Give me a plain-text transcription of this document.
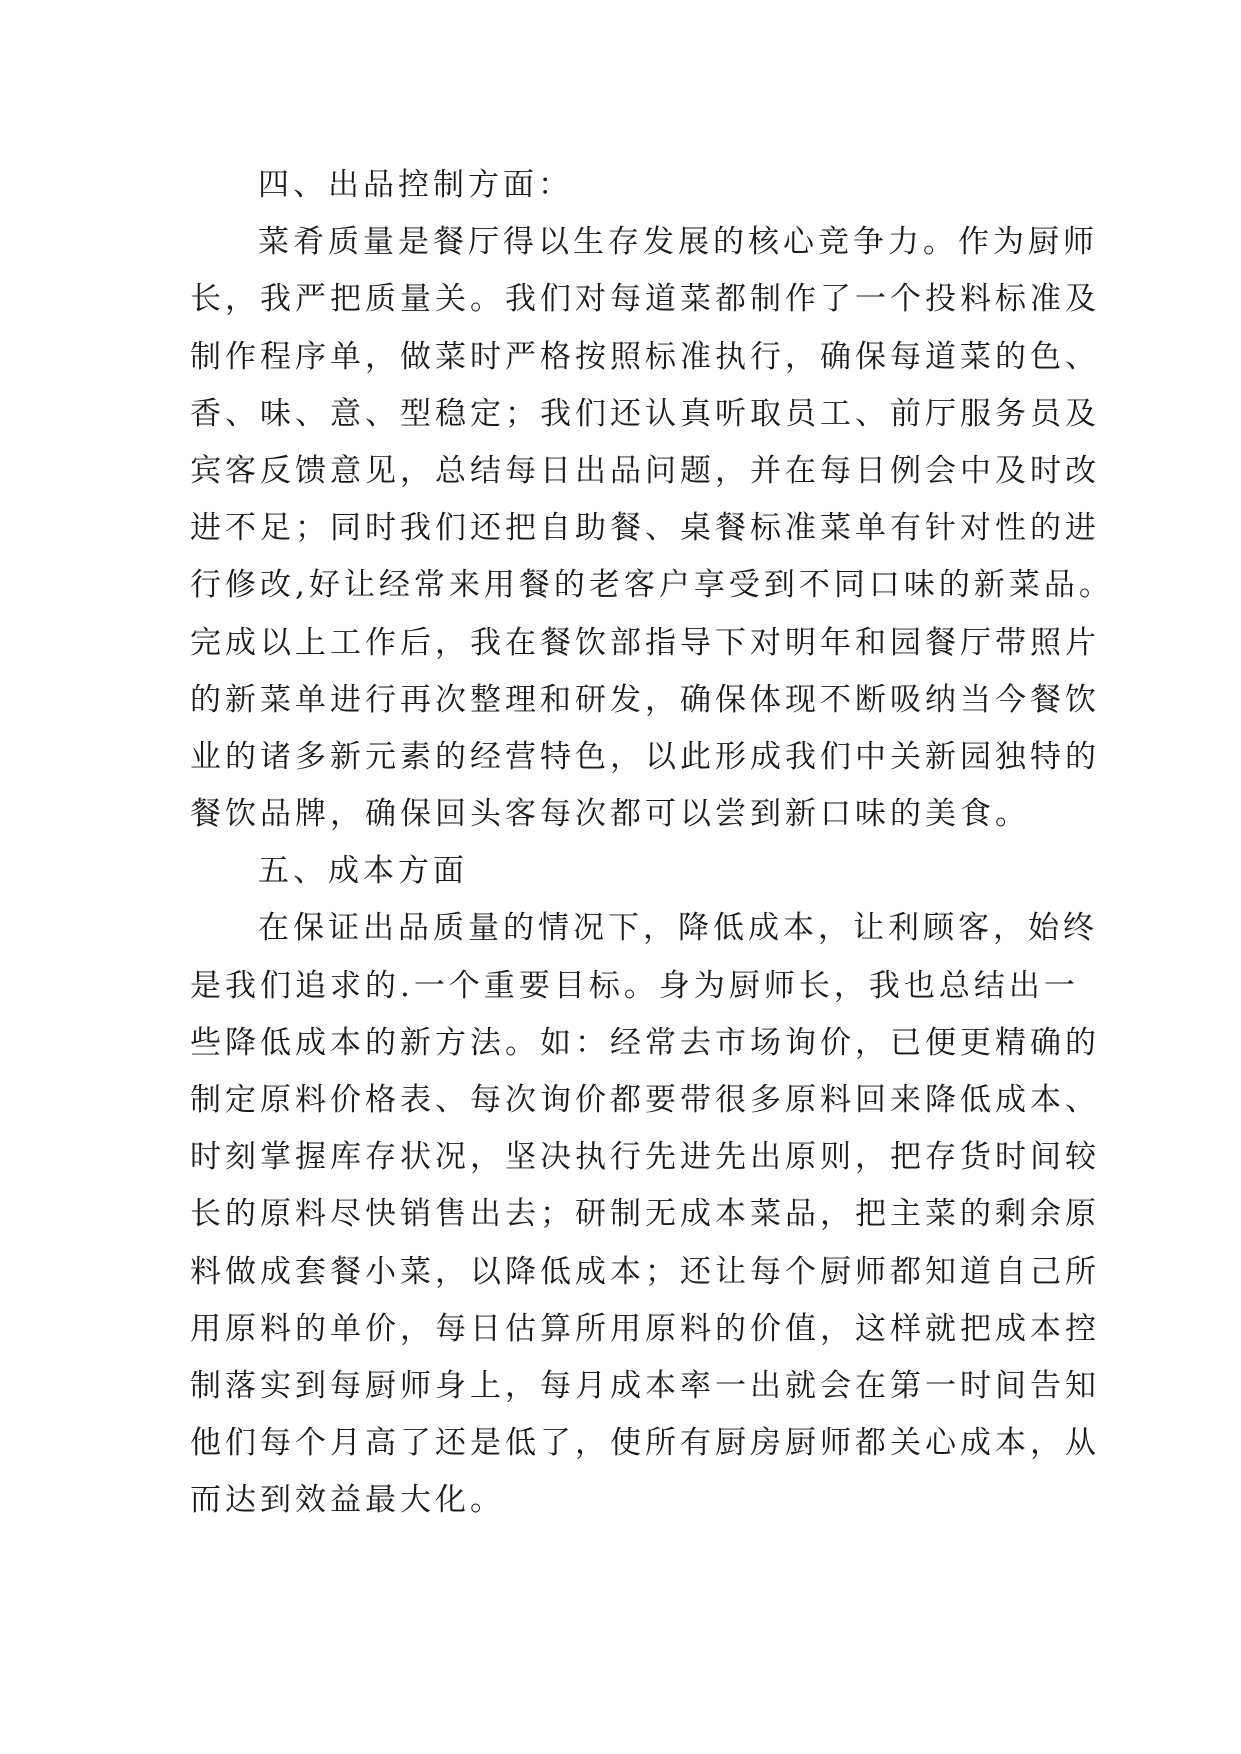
四、出品控制方面：
菜肴质量是餐厅得以生存发展的核心竞争力。作为厨师
长，我严把质量关。我们对每道菜都制作了一个投料标准及
制作程序单，做菜时严格按照标准执行，确保每道菜的色、
香、味、意、型稳定；我们还认真听取员工、前厅服务员及
宾客反馈意见，总结每日出品问题，并在每日例会中及时改
进不足；同时我们还把自助餐、桌餐标准菜单有针对性的进
行修改,好让经常来用餐的老客户享受到不同口味的新菜品。
完成以上工作后，我在餐饮部指导下对明年和园餐厅带照片
的新菜单进行再次整理和研发，确保体现不断吸纳当今餐饮
业的诸多新元素的经营特色，以此形成我们中关新园独特的
餐饮品牌，确保回头客每次都可以尝到新口味的美食。
五、成本方面
在保证出品质量的情况下，降低成本，让利顾客，始终
是我们追求的.一个重要目标。身为厨师长，我也总结出一
些降低成本的新方法。如：经常去市场询价，已便更精确的
制定原料价格表、每次询价都要带很多原料回来降低成本、
时刻掌握库存状况，坚决执行先进先出原则，把存货时间较
长的原料尽快销售出去；研制无成本菜品，把主菜的剩余原
料做成套餐小菜，以降低成本；还让每个厨师都知道自己所
用原料的单价，每日估算所用原料的价值，这样就把成本控
制落实到每厨师身上，每月成本率一出就会在第一时间告知
他们每个月高了还是低了，使所有厨房厨师都关心成本，从
而达到效益最大化。
